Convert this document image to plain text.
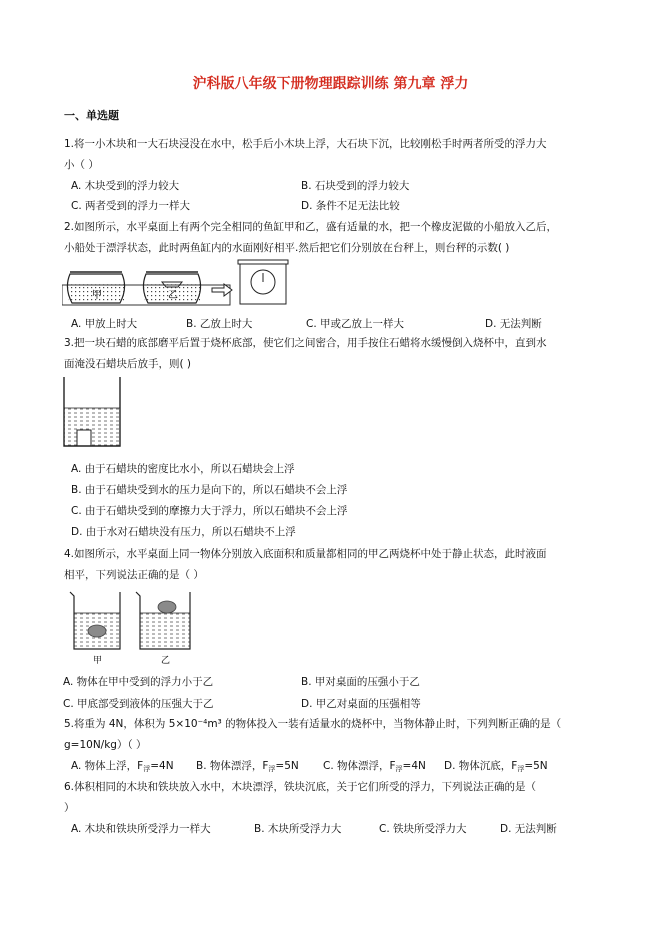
沪科版八年级下册物理跟踪训练 第九章 浮力
一、单选题
1.将一小木块和一大石块浸没在水中，松手后小木块上浮，大石块下沉，比较刚松手时两者所受的浮力大
小（ ）
A. 木块受到的浮力较大	B. 石块受到的浮力较大
C. 两者受到的浮力一样大	D. 条件不足无法比较
2.如图所示，水平桌面上有两个完全相同的鱼缸甲和乙，盛有适量的水，把一个橡皮泥做的小船放入乙后，
小船处于漂浮状态，此时两鱼缸内的水面刚好相平.然后把它们分别放在台秤上，则台秤的示数( )
甲	乙
A. 甲放上时大	B. 乙放上时大	C. 甲或乙放上一样大	D. 无法判断
3.把一块石蜡的底部磨平后置于烧杯底部，使它们之间密合，用手按住石蜡将水缓慢倒入烧杯中，直到水
面淹没石蜡块后放手，则( )
A. 由于石蜡块的密度比水小，所以石蜡块会上浮
B. 由于石蜡块受到水的压力是向下的，所以石蜡块不会上浮
C. 由于石蜡块受到的摩擦力大于浮力，所以石蜡块不会上浮
D. 由于水对石蜡块没有压力，所以石蜡块不上浮
4.如图所示，水平桌面上同一物体分别放入底面积和质量都相同的甲乙两烧杯中处于静止状态，此时液面
相平，下列说法正确的是（ ）
甲	乙
A. 物体在甲中受到的浮力小于乙	B. 甲对桌面的压强小于乙
C. 甲底部受到液体的压强大于乙	D. 甲乙对桌面的压强相等
5.将重为 4N，体积为 5×10⁻⁴m³ 的物体投入一装有适量水的烧杯中，当物体静止时，下列判断正确的是（
g=10N/kg）（ ）
A. 物体上浮，$F_浮=4N$ B. 物体漂浮，$F_浮=5N$ C. 物体漂浮，$F_浮=4N$ D. 物体沉底，$F_浮=5N$
6.体积相同的木块和铁块放入水中，木块漂浮，铁块沉底，关于它们所受的浮力，下列说法正确的是（
）
A. 木块和铁块所受浮力一样大	B. 木块所受浮力大	C. 铁块所受浮力大	D. 无法判断
